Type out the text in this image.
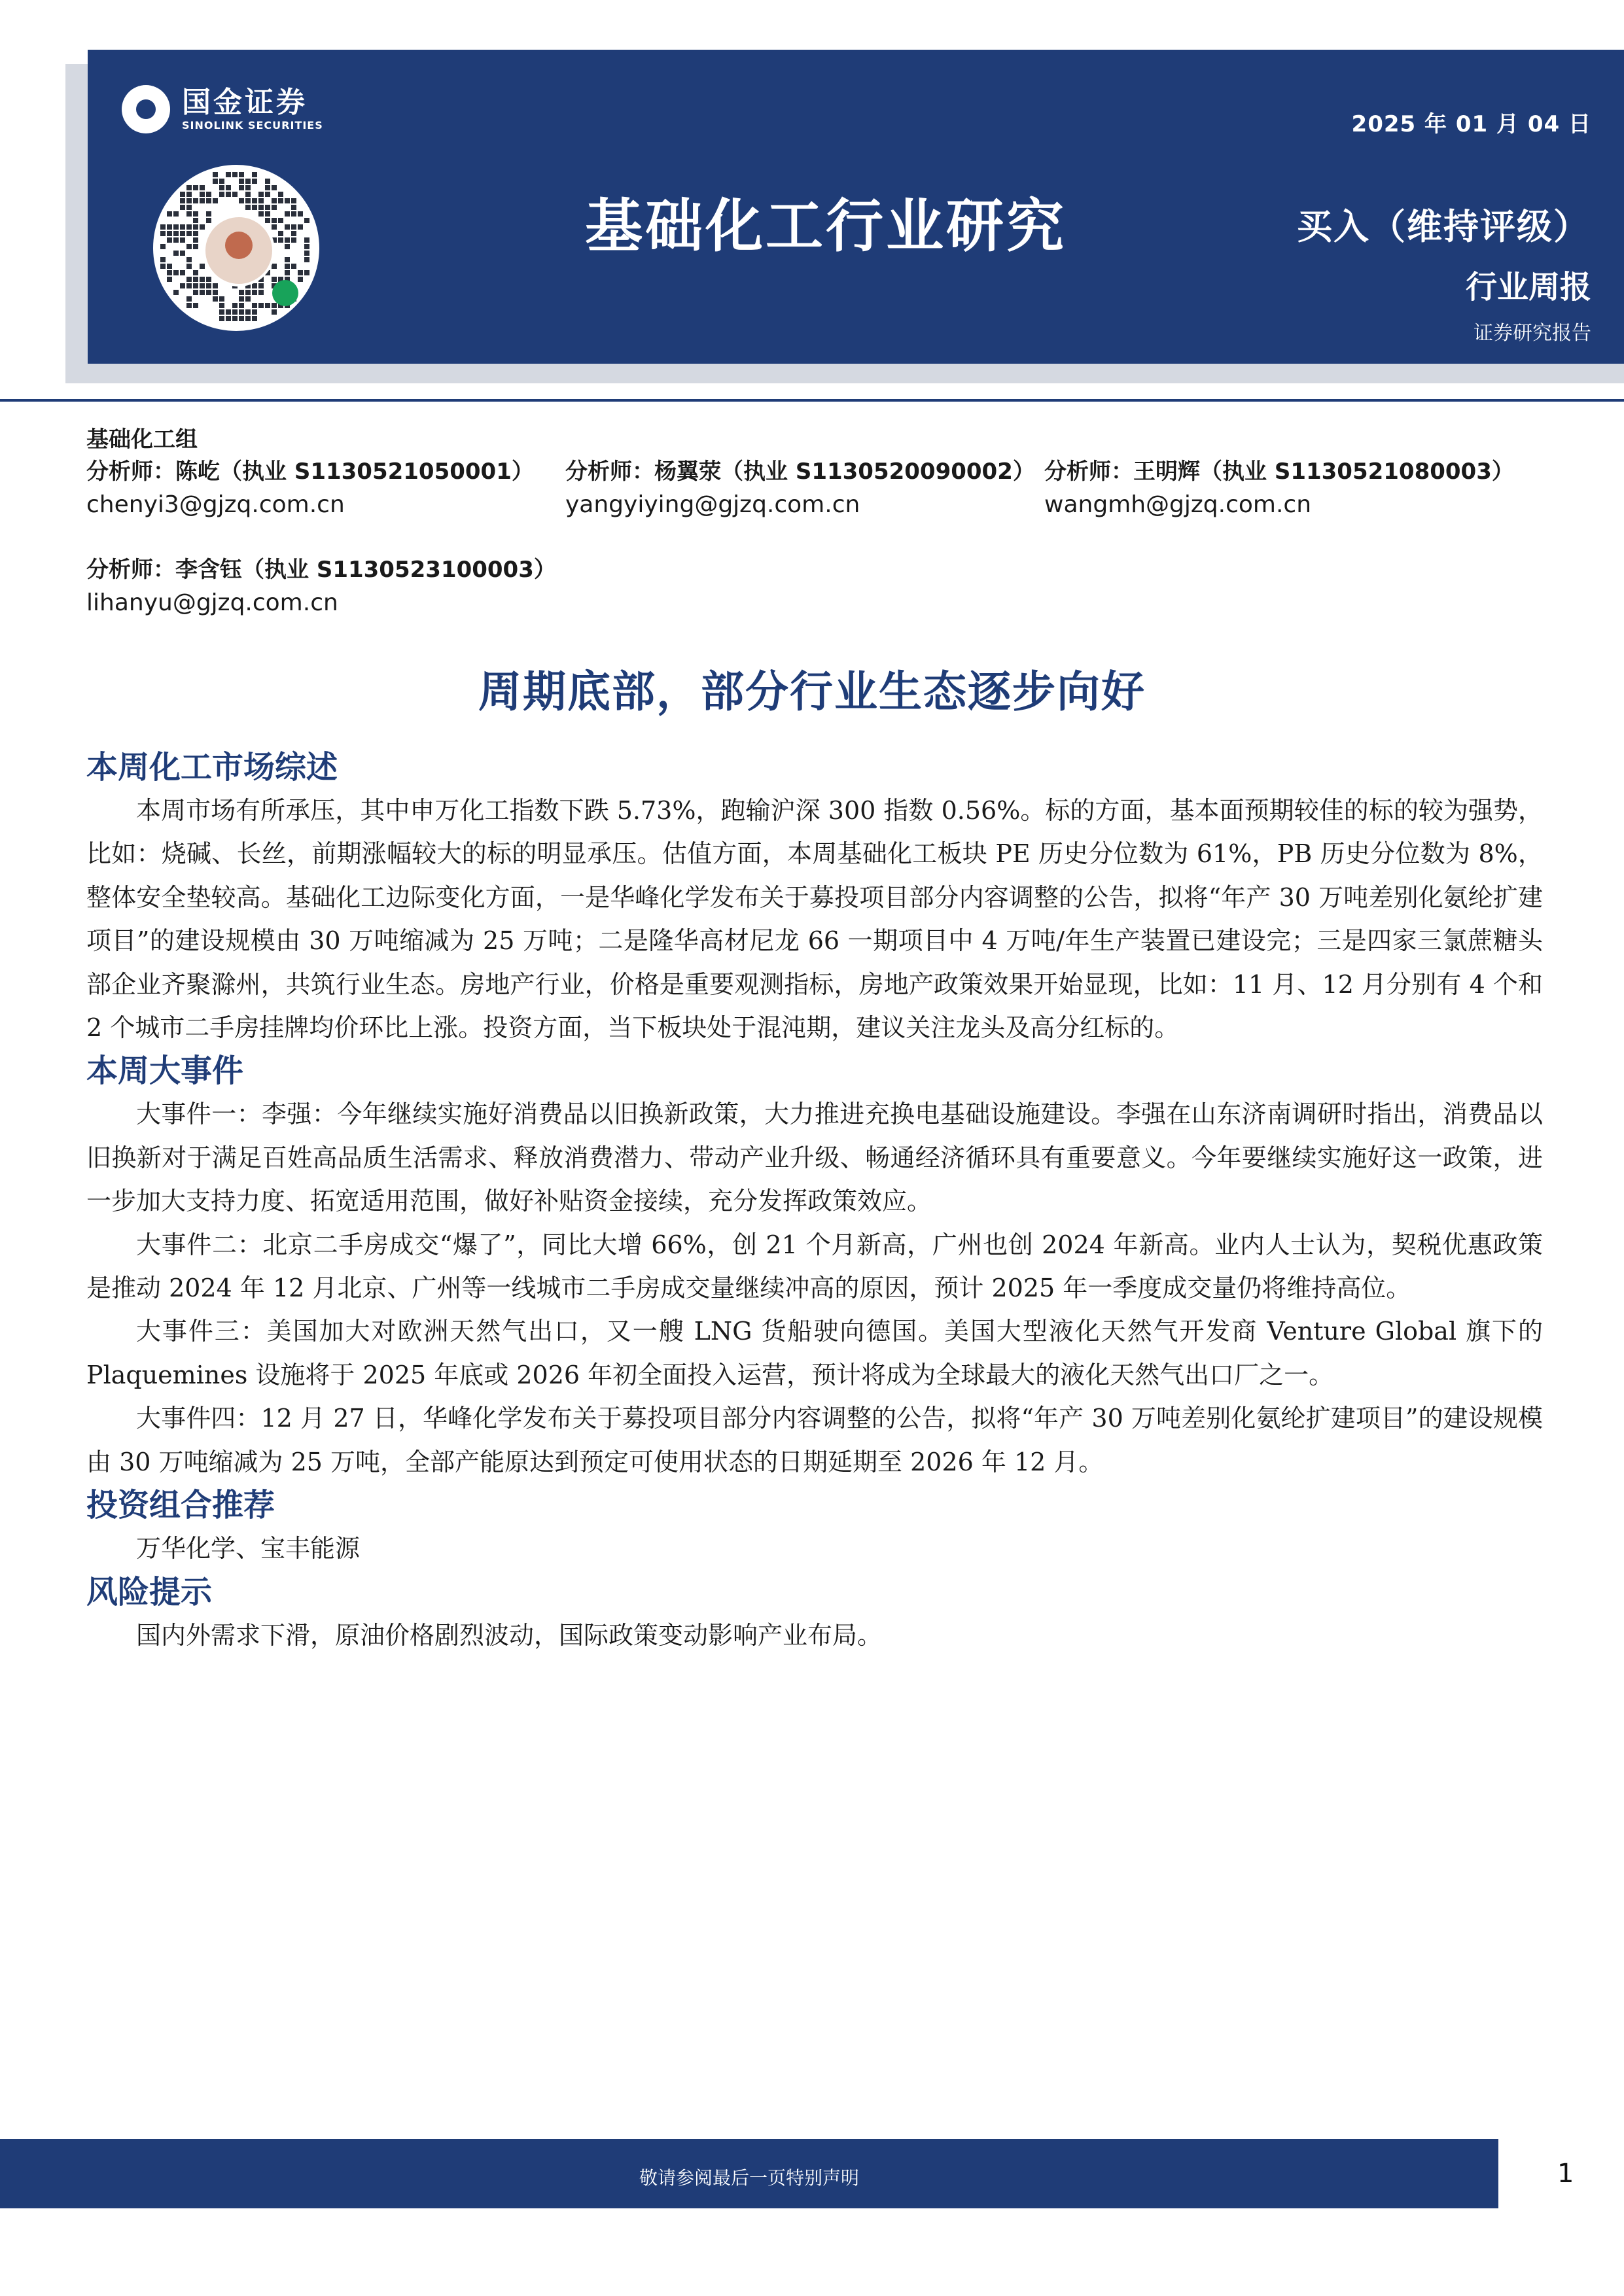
国金证券
SINOLINK SECURITIES	2025 年 01 月 04 日
基础化工行业研究	买入（维持评级）
行业周报
证券研究报告
基础化工组
分析师：陈屹（执业 S1130521050001）
chenyi3@gjzq.com.cn
分析师：杨翼荥（执业 S1130520090002）
yangyiying@gjzq.com.cn
分析师：王明辉（执业 S1130521080003）
wangmh@gjzq.com.cn
分析师：李含钰（执业 S1130523100003）
lihanyu@gjzq.com.cn
周期底部，部分行业生态逐步向好
本周化工市场综述

本周市场有所承压，其中申万化工指数下跌 5.73%，跑输沪深 300 指数 0.56%。标的方面，基本面预期较佳的标的较为强势，比如：烧碱、长丝，前期涨幅较大的标的明显承压。估值方面，本周基础化工板块 PE 历史分位数为 61%，PB 历史分位数为 8%，整体安全垫较高。基础化工边际变化方面，一是华峰化学发布关于募投项目部分内容调整的公告，拟将“年产 30 万吨差别化氨纶扩建项目”的建设规模由 30 万吨缩减为 25 万吨；二是隆华高材尼龙 66 一期项目中 4 万吨/年生产装置已建设完；三是四家三氯蔗糖头部企业齐聚滁州，共筑行业生态。房地产行业，价格是重要观测指标，房地产政策效果开始显现，比如：11 月、12 月分别有 4 个和 2 个城市二手房挂牌均价环比上涨。投资方面，当下板块处于混沌期，建议关注龙头及高分红标的。

本周大事件

大事件一：李强：今年继续实施好消费品以旧换新政策，大力推进充换电基础设施建设。李强在山东济南调研时指出，消费品以旧换新对于满足百姓高品质生活需求、释放消费潜力、带动产业升级、畅通经济循环具有重要意义。今年要继续实施好这一政策，进一步加大支持力度、拓宽适用范围，做好补贴资金接续，充分发挥政策效应。

大事件二：北京二手房成交“爆了”，同比大增 66%，创 21 个月新高，广州也创 2024 年新高。业内人士认为，契税优惠政策是推动 2024 年 12 月北京、广州等一线城市二手房成交量继续冲高的原因，预计 2025 年一季度成交量仍将维持高位。

大事件三：美国加大对欧洲天然气出口，又一艘 LNG 货船驶向德国。美国大型液化天然气开发商 Venture Global 旗下的 Plaquemines 设施将于 2025 年底或 2026 年初全面投入运营，预计将成为全球最大的液化天然气出口厂之一。

大事件四：12 月 27 日，华峰化学发布关于募投项目部分内容调整的公告，拟将“年产 30 万吨差别化氨纶扩建项目”的建设规模由 30 万吨缩减为 25 万吨，全部产能原达到预定可使用状态的日期延期至 2026 年 12 月。

投资组合推荐

万华化学、宝丰能源

风险提示

国内外需求下滑，原油价格剧烈波动，国际政策变动影响产业布局。

敬请参阅最后一页特别声明	1
